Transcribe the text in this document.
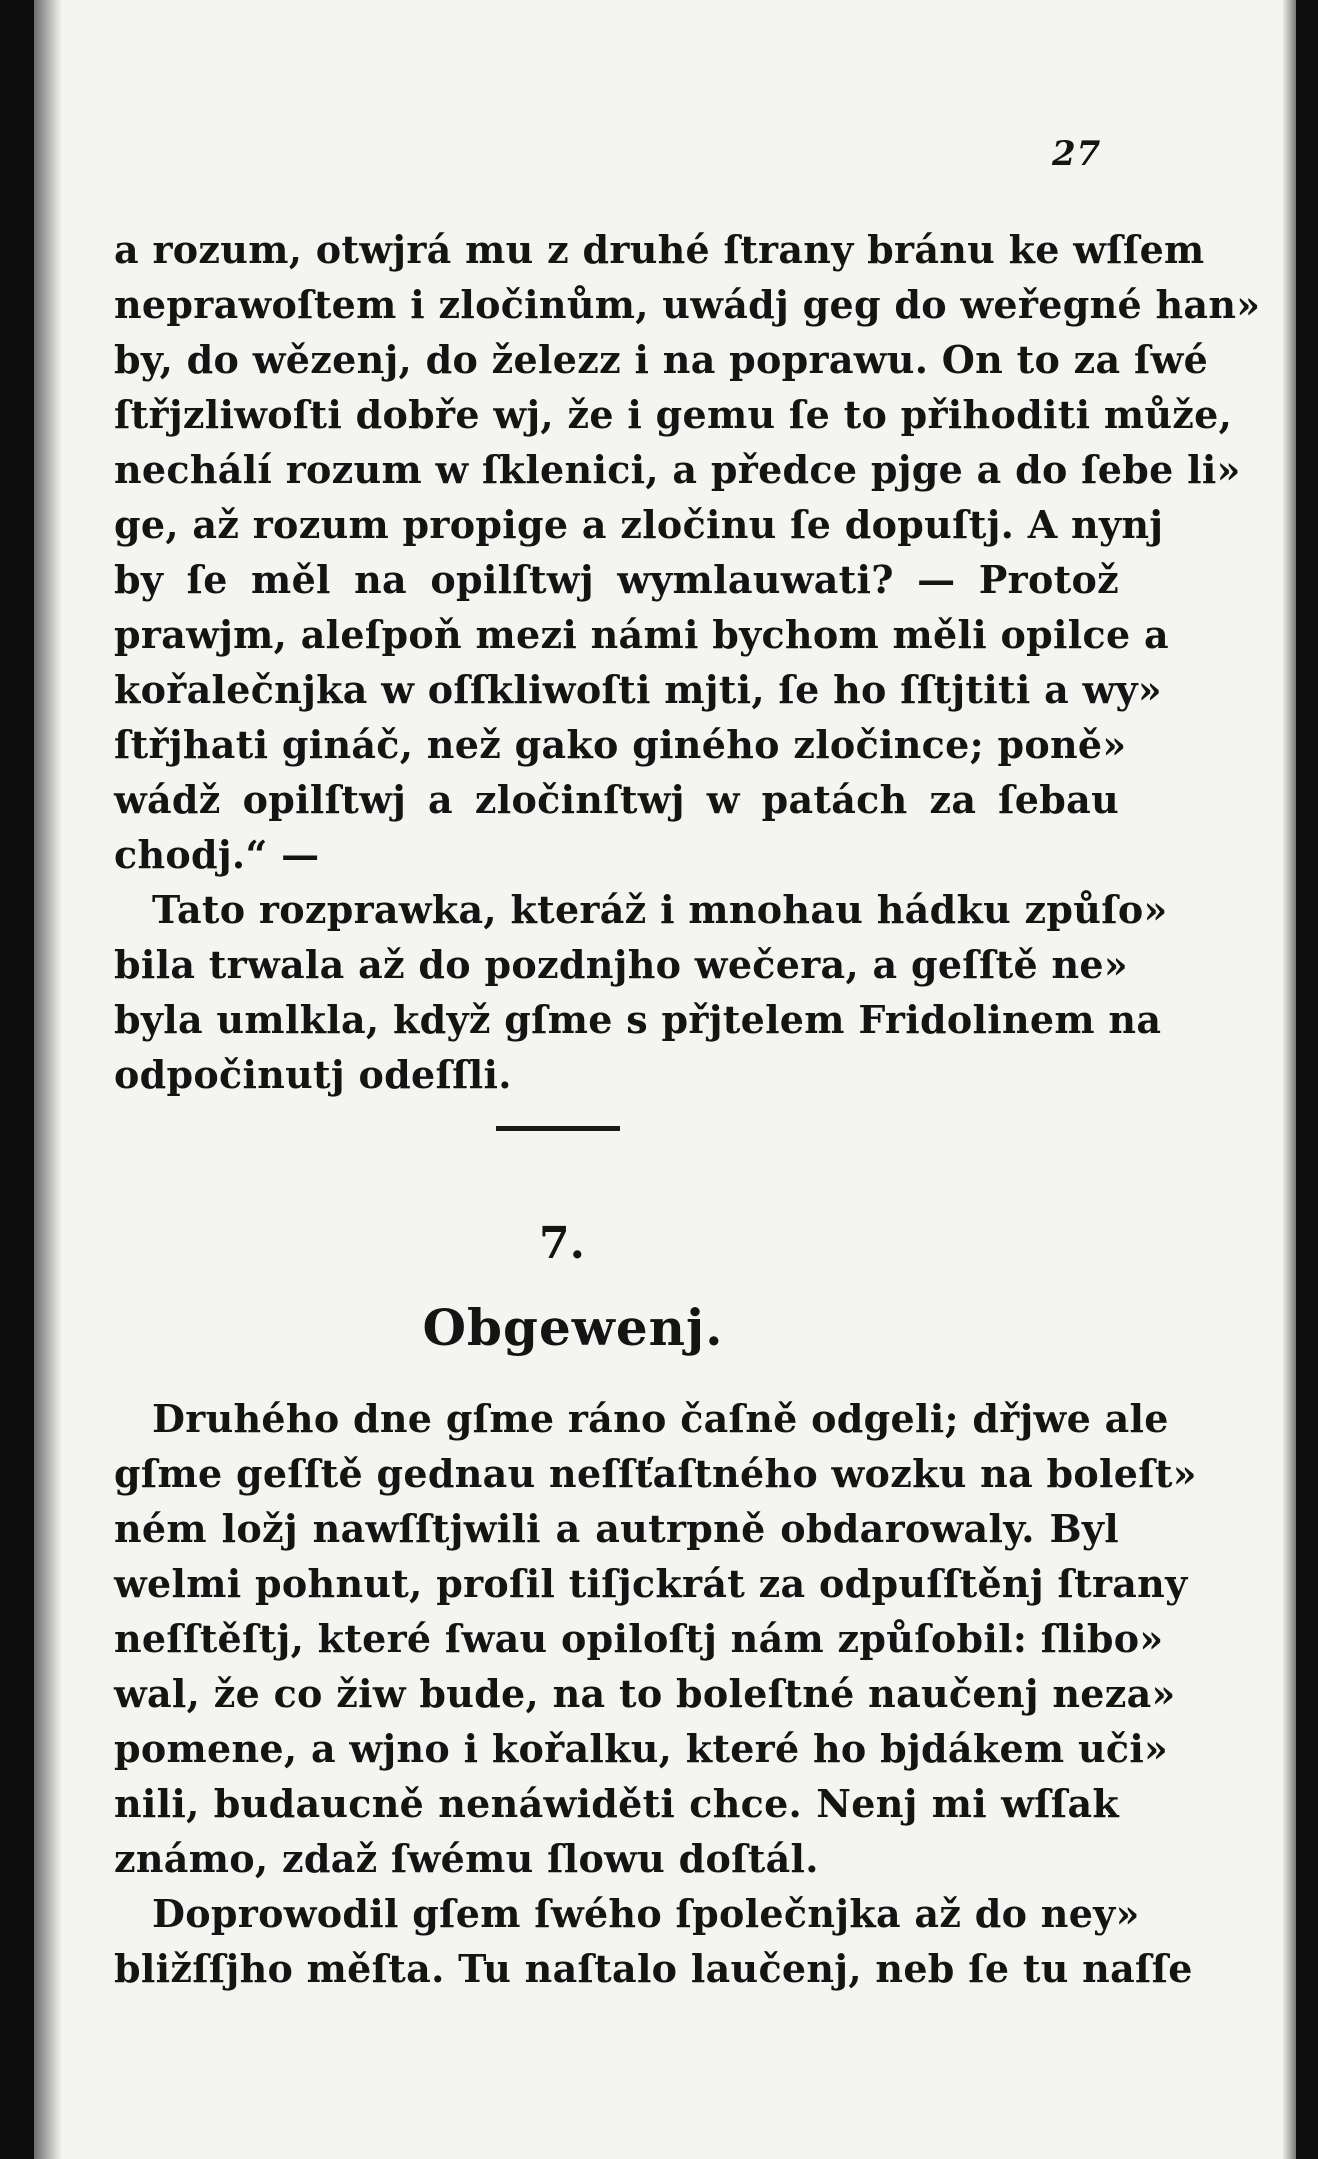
27
a rozum, otwjrá mu z druhé ſtrany bránu ke wſſem
neprawoſtem i zločinům, uwádj geg do weřegné han»
by, do wězenj, do železz i na poprawu. On to za ſwé
ſtřjzliwoſti dobře wj, že i gemu ſe to přihoditi může,
nechálí rozum w ſklenici, a předce pjge a do ſebe li»
ge, až rozum propige a zločinu ſe dopuſtj. A nynj
by ſe měl na opilſtwj wymlauwati? — Protož
prawjm, aleſpoň mezi námi bychom měli opilce a
kořalečnjka w oſſkliwoſti mjti, ſe ho ſſtjtiti a wy»
ſtřjhati gináč, než gako giného zločince; poně»
wádž opilſtwj a zločinſtwj w patách za ſebau
chodj.“ —
Tato rozprawka, kteráž i mnohau hádku způſo»
bila trwala až do pozdnjho wečera, a geſſtě ne»
byla umlkla, když gſme s přjtelem Fridolinem na
odpočinutj odeſſli.
7.
Obgewenj.
Druhého dne gſme ráno čaſně odgeli; dřjwe ale
gſme geſſtě gednau neſſťaſtného wozku na boleſt»
ném ložj nawſſtjwili a autrpně obdarowaly. Byl
welmi pohnut, proſil tiſjckrát za odpuſſtěnj ſtrany
neſſtěſtj, které ſwau opiloſtj nám způſobil: ſlibo»
wal, že co žiw bude, na to boleſtné naučenj neza»
pomene, a wjno i kořalku, které ho bjdákem uči»
nili, budaucně nenáwiděti chce. Nenj mi wſſak
známo, zdaž ſwému ſlowu doſtál.
Doprowodil gſem ſwého ſpolečnjka až do ney»
bližſſjho měſta. Tu naſtalo laučenj, neb ſe tu naſſe
